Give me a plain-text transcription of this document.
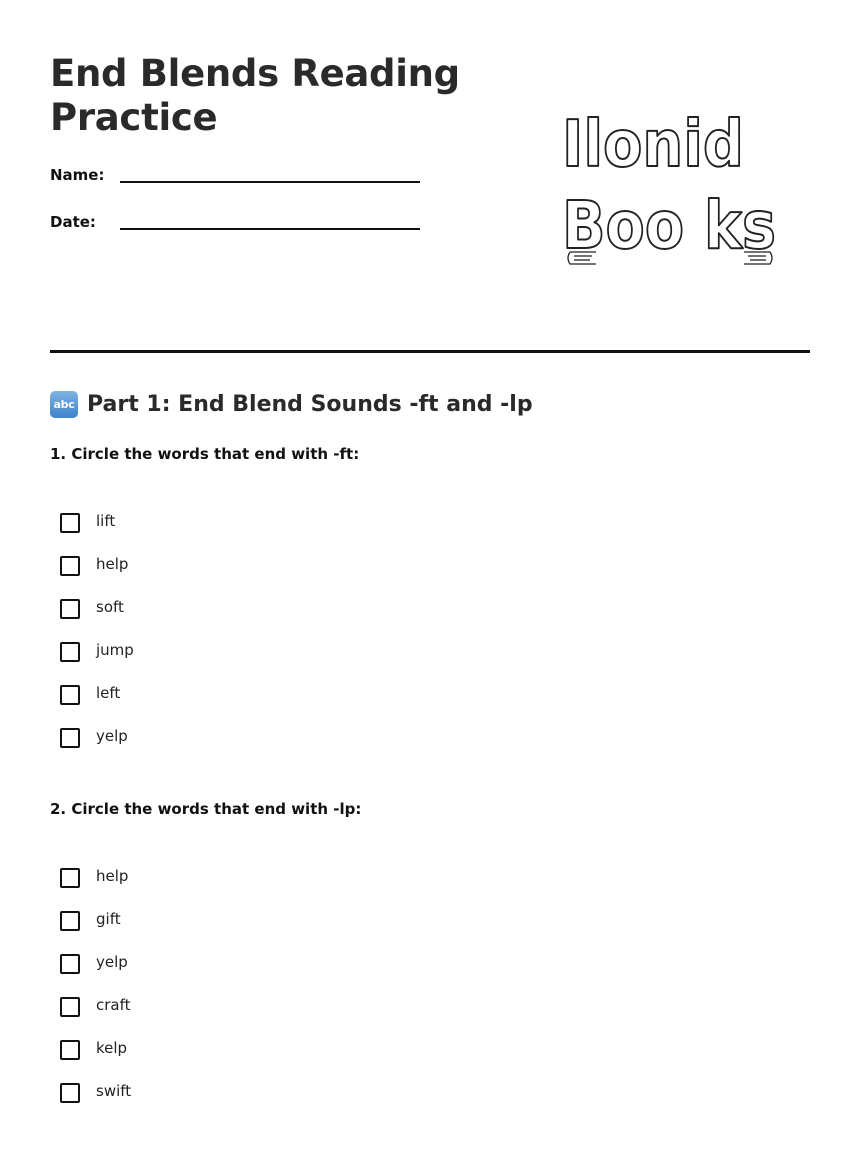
End Blends Reading Practice
Name:
Date:
Ilonid
Boo ks
abc Part 1: End Blend Sounds -ft and -lp
1. Circle the words that end with -ft:
lift
help
soft
jump
left
yelp
2. Circle the words that end with -lp:
help
gift
yelp
craft
kelp
swift
